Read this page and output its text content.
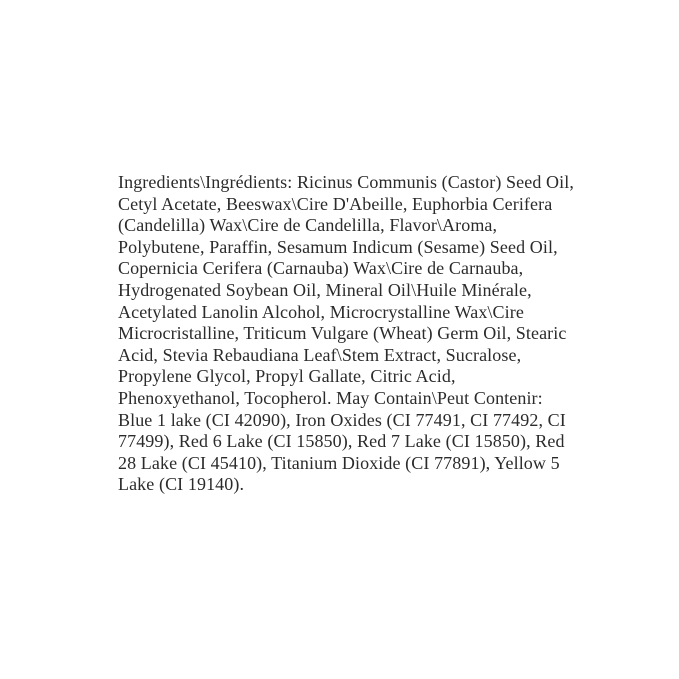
Ingredients\Ingrédients: Ricinus Communis (Castor) Seed Oil,
Cetyl Acetate, Beeswax\Cire D'Abeille, Euphorbia Cerifera
(Candelilla) Wax\Cire de Candelilla, Flavor\Aroma,
Polybutene, Paraffin, Sesamum Indicum (Sesame) Seed Oil,
Copernicia Cerifera (Carnauba) Wax\Cire de Carnauba,
Hydrogenated Soybean Oil, Mineral Oil\Huile Minérale,
Acetylated Lanolin Alcohol, Microcrystalline Wax\Cire
Microcristalline, Triticum Vulgare (Wheat) Germ Oil, Stearic
Acid, Stevia Rebaudiana Leaf\Stem Extract, Sucralose,
Propylene Glycol, Propyl Gallate, Citric Acid,
Phenoxyethanol, Tocopherol. May Contain\Peut Contenir:
Blue 1 lake (CI 42090), Iron Oxides (CI 77491, CI 77492, CI
77499), Red 6 Lake (CI 15850), Red 7 Lake (CI 15850), Red
28 Lake (CI 45410), Titanium Dioxide (CI 77891), Yellow 5
Lake (CI 19140).
